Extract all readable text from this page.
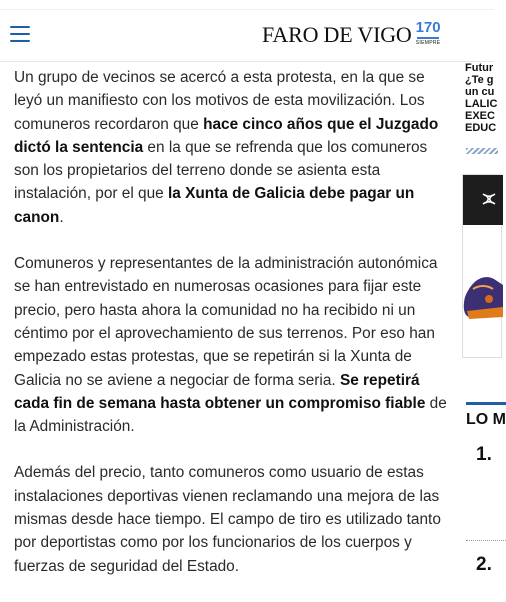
FARO DE VIGO 170
SIEMPRE

Un grupo de vecinos se acercó a esta protesta, en la que se leyó un manifiesto con los motivos de esta movilización. Los comuneros recordaron que hace cinco años que el Juzgado dictó la sentencia en la que se refrenda que los comuneros son los propietarios del terreno donde se asienta esta instalación, por el que la Xunta de Galicia debe pagar un canon.

Comuneros y representantes de la administración autonómica se han entrevistado en numerosas ocasiones para fijar este precio, pero hasta ahora la comunidad no ha recibido ni un céntimo por el aprovechamiento de sus terrenos. Por eso han empezado estas protestas, que se repetirán si la Xunta de Galicia no se aviene a negociar de forma seria. Se repetirá cada fin de semana hasta obtener un compromiso fiable de la Administración.

Además del precio, tanto comuneros como usuario de estas instalaciones deportivas vienen reclamando una mejora de las mismas desde hace tiempo. El campo de tiro es utilizado tanto por deportistas como por los funcionarios de los cuerpos y fuerzas de seguridad del Estado.

Futur
¿Te g
un cu
LALIC
EXEC
EDUC
LO M
1.
2.
